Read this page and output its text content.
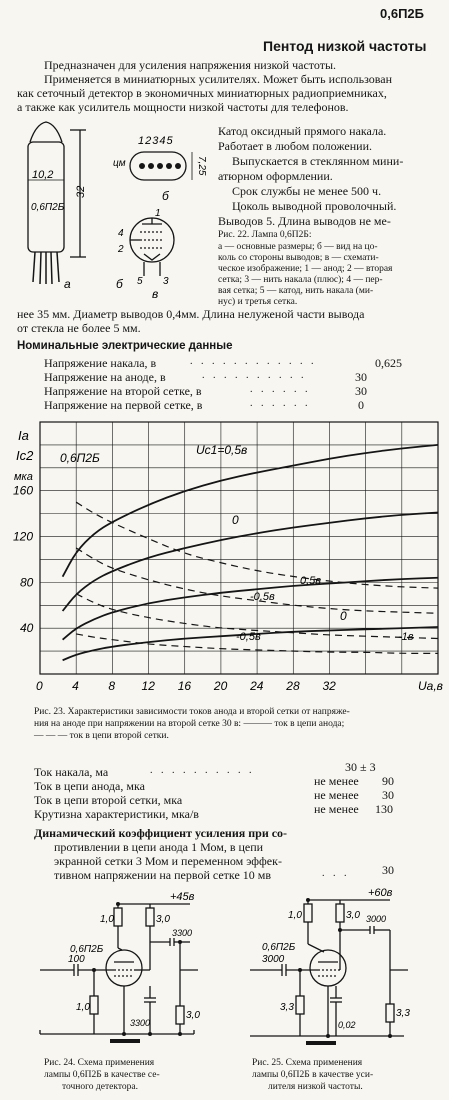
0,6П2Б
Пентод низкой частоты
Предназначен для усиления напряжения низкой частоты.
Применяется в миниатюрных усилителях. Может быть использован
как сеточный детектор в экономичных миниатюрных радиоприемниках,
а также как усилитель мощности низкой частоты для телефонов.
10,2
32
0,6П2Б
а
12345
цм	7,25
б
4
2
1
5 3
б
в
Катод оксидный прямого накала.
Работает в любом положении.
Выпускается в стеклянном мини-
атюрном оформлении.
Срок службы не менее 500 ч.
Цоколь выводной проволочный.
Выводов 5. Длина выводов не ме-
Рис. 22. Лампа 0,6П2Б:
а — основные размеры; б — вид на цо-
коль со стороны выводов; в — схемати-
ческое изображение; 1 — анод; 2 — вторая
сетка; 3 — нить накала (плюс); 4 — пер-
вая сетка; 5 — катод, нить накала (ми-
нус) и третья сетка.
нее 35 мм. Диаметр выводов 0,4мм. Длина нелуженой части вывода
от стекла не более 5 мм.
Номинальные электрические данные
Напряжение накала, в	0,625
Напряжение на аноде, в	30
Напряжение на второй сетке, в	30
Напряжение на первой сетке, в	0
. . . . . . . . . . . .
. . . . . . . . . .
. . . . . .
. . . . . .
0 4 8 12 16 20 24 28 32
40
80
120
160
Ia
Ic2
мка
Ua,в
0,6П2Б
Uc1=0,5в
0
0,5в
-0,5в
0
-0,5в	-1в
Рис. 23. Характеристики зависимости токов анода и второй сетки от напряже-
ния на аноде при напряжении на второй сетке 30 в: ——— ток в цепи анода;
— — — ток в цепи второй сетки.
Ток накала, ма	30 ± 3
Ток в цепи анода, мка	не менее 90
Ток в цепи второй сетки, мка	не менее 30
Крутизна характеристики, мка/в	не менее 130
. . . . . . . . . .
Динамический коэффициент усиления при со-
противлении в цепи анода 1 Мом, в цепи
экранной сетки 3 Мом и переменном эффек-
тивном напряжении на первой сетке 10 мв	. . .	30
+45в
1,0	3,0
3300
0,6П2Б
100
1,0
3300
3,0
+60в
1,0	3,0 3000
0,6П2Б
3000
3,3
0,02
3,3
Рис. 24. Схема применения
лампы 0,6П2Б в качестве се-
точного детектора.
Рис. 25. Схема применения
лампы 0,6П2Б в качестве уси-
лителя низкой частоты.
